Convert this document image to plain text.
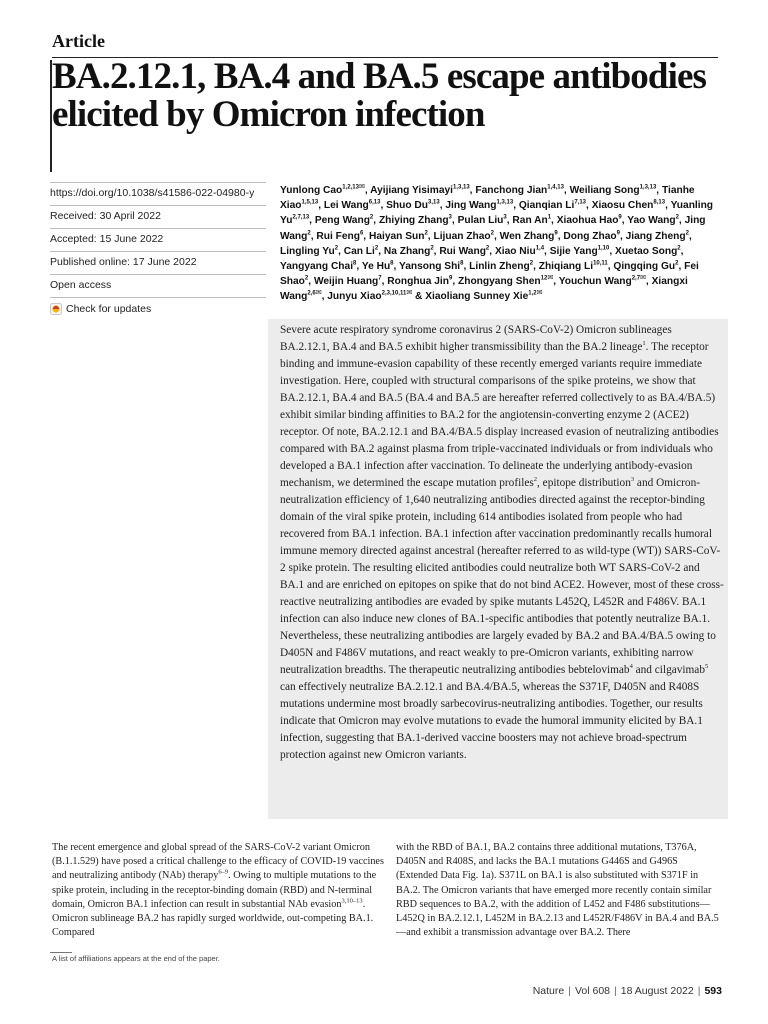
Article
BA.2.12.1, BA.4 and BA.5 escape antibodies elicited by Omicron infection
https://doi.org/10.1038/s41586-022-04980-y
Received: 30 April 2022
Accepted: 15 June 2022
Published online: 17 June 2022
Open access
Check for updates

Yunlong Cao$^{1,2,13✉}$, Ayijiang Yisimayi$^{1,3,13}$, Fanchong Jian$^{1,4,13}$, Weiliang Song$^{1,3,13}$, Tianhe Xiao$^{1,5,13}$, Lei Wang$^{6,13}$, Shuo Du$^{3,13}$, Jing Wang$^{1,3,13}$, Qianqian Li$^{7,13}$, Xiaosu Chen$^{8,13}$, Yuanling Yu$^{2,7,13}$, Peng Wang$^2$, Zhiying Zhang$^3$, Pulan Liu$^3$, Ran An$^1$, Xiaohua Hao$^9$, Yao Wang$^2$, Jing Wang$^2$, Rui Feng$^6$, Haiyan Sun$^2$, Lijuan Zhao$^2$, Wen Zhang$^9$, Dong Zhao$^9$, Jiang Zheng$^2$, Lingling Yu$^2$, Can Li$^2$, Na Zhang$^2$, Rui Wang$^2$, Xiao Niu$^{1,4}$, Sijie Yang$^{1,10}$, Xuetao Song$^2$, Yangyang Chai$^8$, Ye Hu$^8$, Yansong Shi$^8$, Linlin Zheng$^2$, Zhiqiang Li$^{10,11}$, Qingqing Gu$^2$, Fei Shao$^2$, Weijin Huang$^7$, Ronghua Jin$^9$, Zhongyang Shen$^{12✉}$, Youchun Wang$^{2,7✉}$, Xiangxi Wang$^{2,6✉}$, Junyu Xiao$^{2,3,10,11✉}$ & Xiaoliang Sunney Xie$^{1,2✉}$

Severe acute respiratory syndrome coronavirus 2 (SARS-CoV-2) Omicron sublineages BA.2.12.1, BA.4 and BA.5 exhibit higher transmissibility than the BA.2 lineage$^1$. The receptor binding and immune-evasion capability of these recently emerged variants require immediate investigation. Here, coupled with structural comparisons of the spike proteins, we show that BA.2.12.1, BA.4 and BA.5 (BA.4 and BA.5 are hereafter referred collectively to as BA.4/BA.5) exhibit similar binding affinities to BA.2 for the angiotensin-converting enzyme 2 (ACE2) receptor. Of note, BA.2.12.1 and BA.4/BA.5 display increased evasion of neutralizing antibodies compared with BA.2 against plasma from triple-vaccinated individuals or from individuals who developed a BA.1 infection after vaccination. To delineate the underlying antibody-evasion mechanism, we determined the escape mutation profiles$^2$, epitope distribution$^3$ and Omicron-neutralization efficiency of 1,640 neutralizing antibodies directed against the receptor-binding domain of the viral spike protein, including 614 antibodies isolated from people who had recovered from BA.1 infection. BA.1 infection after vaccination predominantly recalls humoral immune memory directed against ancestral (hereafter referred to as wild-type (WT)) SARS-CoV-2 spike protein. The resulting elicited antibodies could neutralize both WT SARS-CoV-2 and BA.1 and are enriched on epitopes on spike that do not bind ACE2. However, most of these cross-reactive neutralizing antibodies are evaded by spike mutants L452Q, L452R and F486V. BA.1 infection can also induce new clones of BA.1-specific antibodies that potently neutralize BA.1. Nevertheless, these neutralizing antibodies are largely evaded by BA.2 and BA.4/BA.5 owing to D405N and F486V mutations, and react weakly to pre-Omicron variants, exhibiting narrow neutralization breadths. The therapeutic neutralizing antibodies bebtelovimab$^4$ and cilgavimab$^5$ can effectively neutralize BA.2.12.1 and BA.4/BA.5, whereas the S371F, D405N and R408S mutations undermine most broadly sarbecovirus-neutralizing antibodies. Together, our results indicate that Omicron may evolve mutations to evade the humoral immunity elicited by BA.1 infection, suggesting that BA.1-derived vaccine boosters may not achieve broad-spectrum protection against new Omicron variants.

The recent emergence and global spread of the SARS-CoV-2 variant Omicron (B.1.1.529) have posed a critical challenge to the efficacy of COVID-19 vaccines and neutralizing antibody (NAb) therapy$^{6-9}$. Owing to multiple mutations to the spike protein, including in the receptor-binding domain (RBD) and N-terminal domain, Omicron BA.1 infection can result in substantial NAb evasion$^{3,10-13}$. Omicron sublineage BA.2 has rapidly surged worldwide, out-competing BA.1. Compared

with the RBD of BA.1, BA.2 contains three additional mutations, T376A, D405N and R408S, and lacks the BA.1 mutations G446S and G496S (Extended Data Fig. 1a). S371L on BA.1 is also substituted with S371F in BA.2. The Omicron variants that have emerged more recently contain similar RBD sequences to BA.2, with the addition of L452 and F486 substitutions—L452Q in BA.2.12.1, L452M in BA.2.13 and L452R/F486V in BA.4 and BA.5—and exhibit a transmission advantage over BA.2. There

A list of affiliations appears at the end of the paper.
Nature | Vol 608 | 18 August 2022 | 593
